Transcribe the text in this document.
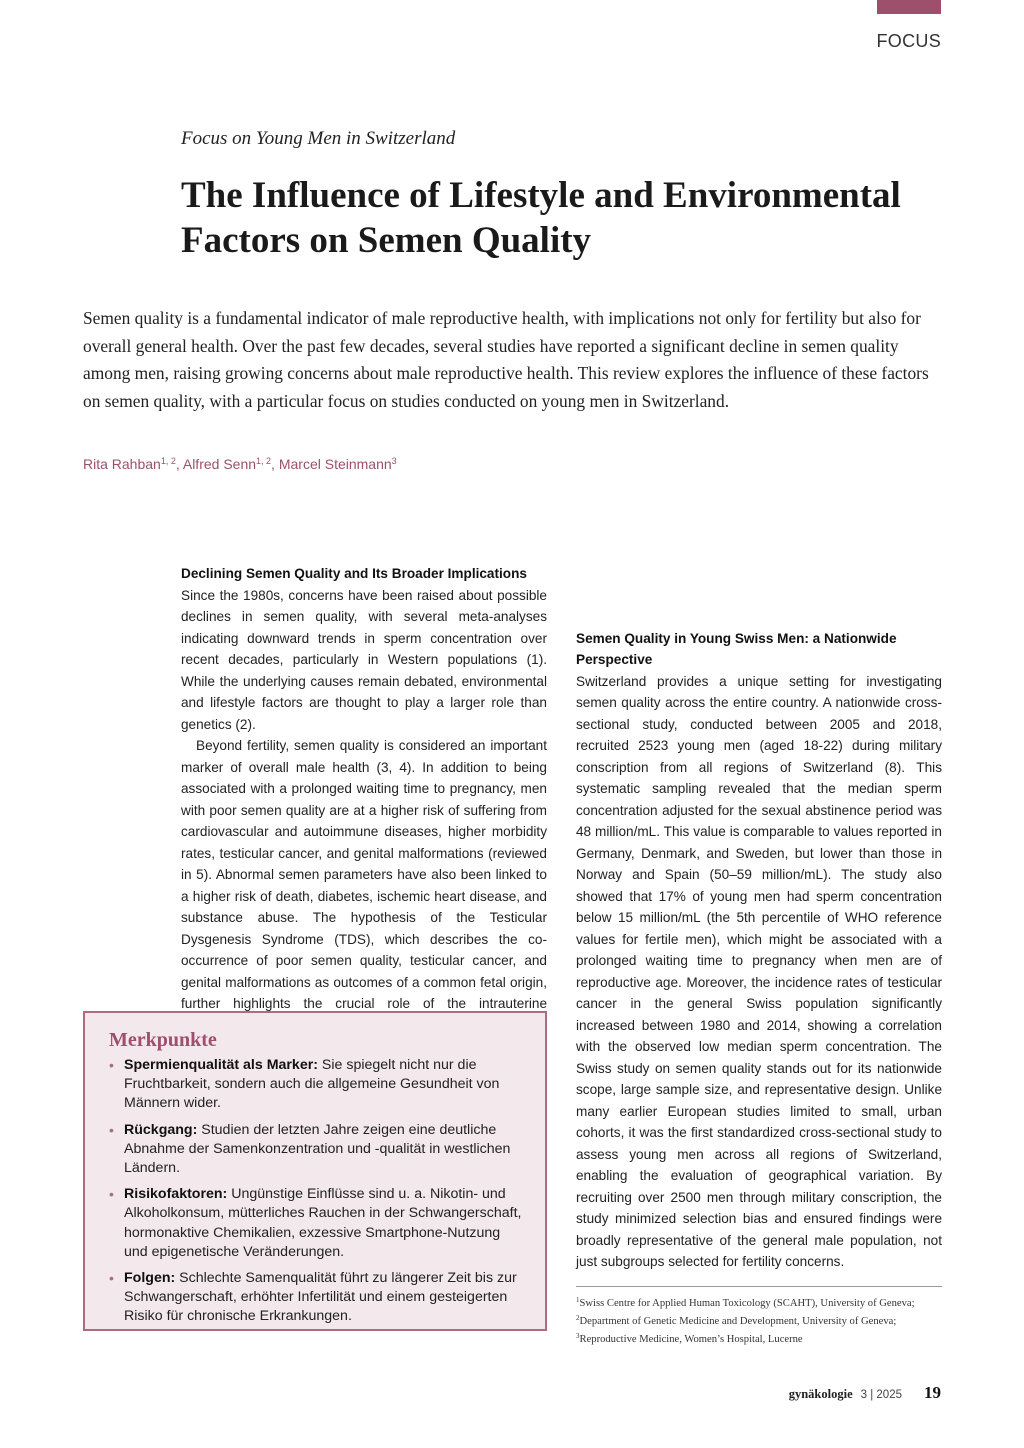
FOCUS
Focus on Young Men in Switzerland
The Influence of Lifestyle and Environmental Factors on Semen Quality

Semen quality is a fundamental indicator of male reproductive health, with implications not only for fertility but also for overall general health. Over the past few decades, several studies have reported a significant decline in semen quality among men, raising growing concerns about male reproductive health. This review explores the influence of these factors on semen quality, with a particular focus on studies conducted on young men in Switzerland.

Rita Rahban$^{1, 2}$, Alfred Senn$^{1, 2}$, Marcel Steinmann$^3$
Declining Semen Quality and Its Broader Implications

Since the 1980s, concerns have been raised about possible declines in semen quality, with several meta-analyses indicating downward trends in sperm concentration over recent decades, particularly in Western populations (1). While the underlying causes remain debated, environmental and lifestyle factors are thought to play a larger role than genetics (2).

Beyond fertility, semen quality is considered an important marker of overall male health (3, 4). In addition to being associated with a prolonged waiting time to pregnancy, men with poor semen quality are at a higher risk of suffering from cardiovascular and autoimmune diseases, higher morbidity rates, testicular cancer, and genital malformations (reviewed in 5). Abnormal semen parameters have also been linked to a higher risk of death, diabetes, ischemic heart disease, and substance abuse. The hypothesis of the Testicular Dysgenesis Syndrome (TDS), which describes the co-occurrence of poor semen quality, testicular cancer, and genital malformations as outcomes of a common fetal origin, further highlights the crucial role of the intrauterine

Semen Quality in Young Swiss Men: a Nationwide Perspective

Switzerland provides a unique setting for investigating semen quality across the entire country. A nationwide cross-sectional study, conducted between 2005 and 2018, recruited 2523 young men (aged 18-22) during military conscription from all regions of Switzerland (8). This systematic sampling revealed that the median sperm concentration adjusted for the sexual abstinence period was 48 million/mL. This value is comparable to values reported in Germany, Denmark, and Sweden, but lower than those in Norway and Spain (50–59 million/mL). The study also showed that 17% of young men had sperm concentration below 15 million/mL (the 5th percentile of WHO reference values for fertile men), which might be associated with a prolonged waiting time to pregnancy when men are of reproductive age. Moreover, the incidence rates of testicular cancer in the general Swiss population significantly increased between 1980 and 2014, showing a correlation with the observed low median sperm concentration. The Swiss study on semen quality stands out for its nationwide scope, large sample size, and representative design. Unlike many earlier European studies limited to small, urban cohorts, it was the first standardized cross-sectional study to assess young men across all regions of Switzerland, enabling the evaluation of geographical variation. By recruiting over 2500 men through military conscription, the study minimized selection bias and ensured findings were broadly representative of the general male population, not just subgroups selected for fertility concerns.

Merkpunkte
• Spermienqualität als Marker: Sie spiegelt nicht nur die Fruchtbarkeit, sondern auch die allgemeine Gesundheit von Männern wider.
• Rückgang: Studien der letzten Jahre zeigen eine deutliche Abnahme der Samenkonzentration und -qualität in westlichen Ländern.
• Risikofaktoren: Ungünstige Einflüsse sind u. a. Nikotin- und Alkoholkonsum, mütterliches Rauchen in der Schwangerschaft, hormonaktive Chemikalien, exzessive Smartphone-Nutzung und epigenetische Veränderungen.
• Folgen: Schlechte Samenqualität führt zu längerer Zeit bis zur Schwangerschaft, erhöhter Infertilität und einem gesteigerten Risiko für chronische Erkrankungen.
$^1$Swiss Centre for Applied Human Toxicology (SCAHT), University of Geneva;
$^2$Department of Genetic Medicine and Development, University of Geneva;
$^3$Reproductive Medicine, Women’s Hospital, Lucerne
gynäkologie 3 | 2025 19
